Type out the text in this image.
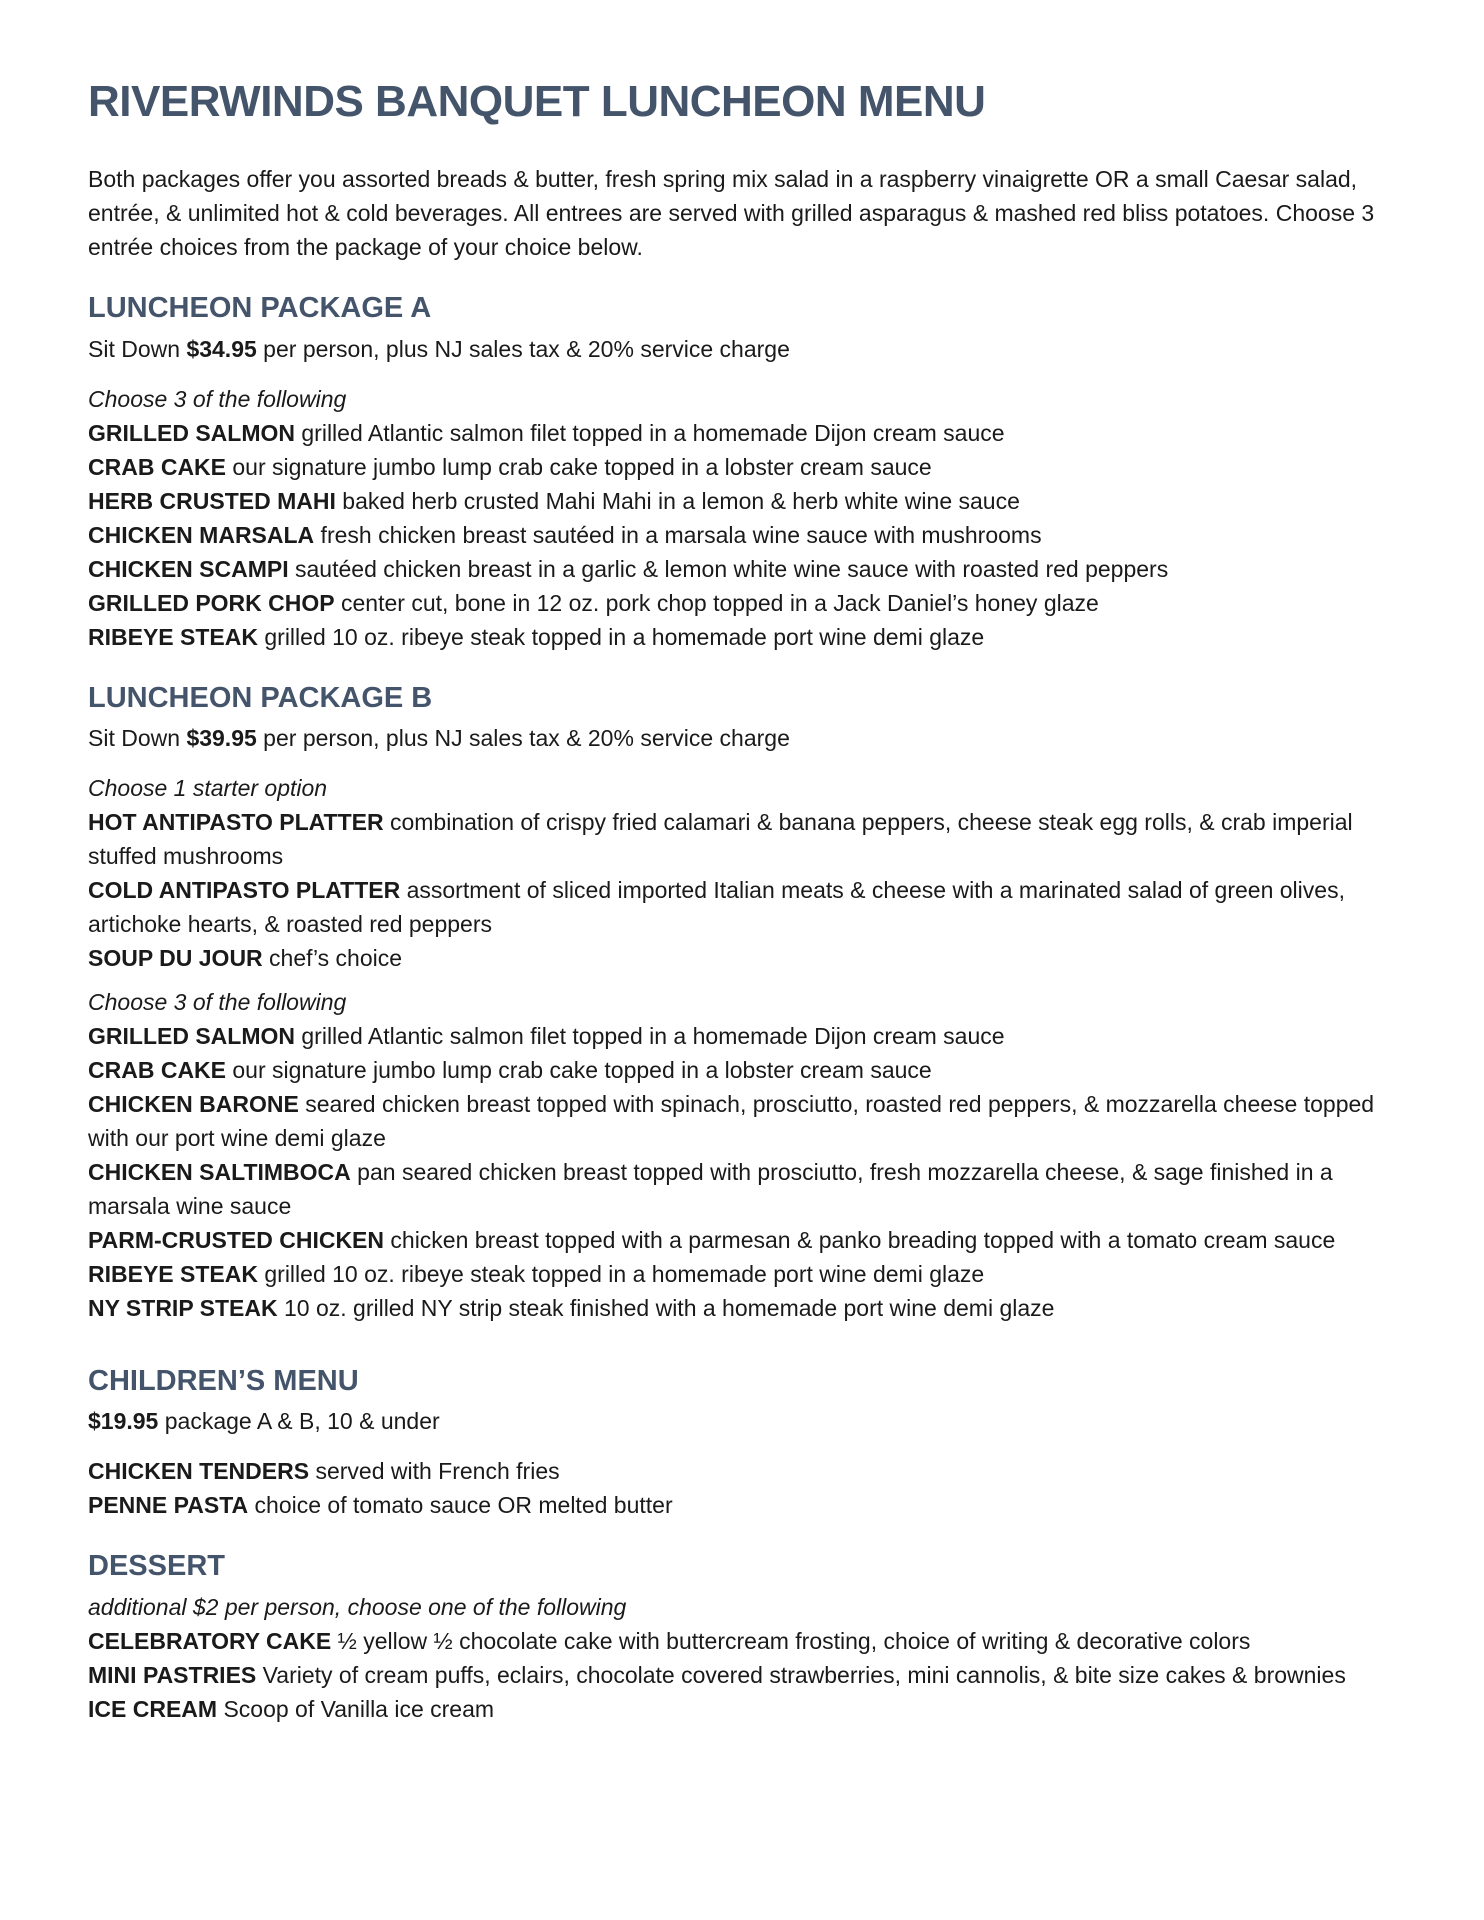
RIVERWINDS BANQUET LUNCHEON MENU

Both packages offer you assorted breads & butter, fresh spring mix salad in a raspberry vinaigrette OR a small Caesar salad, entrée, & unlimited hot & cold beverages. All entrees are served with grilled asparagus & mashed red bliss potatoes. Choose 3 entrée choices from the package of your choice below.

LUNCHEON PACKAGE A
Sit Down $34.95 per person, plus NJ sales tax & 20% service charge
Choose 3 of the following
GRILLED SALMON grilled Atlantic salmon filet topped in a homemade Dijon cream sauce
CRAB CAKE our signature jumbo lump crab cake topped in a lobster cream sauce
HERB CRUSTED MAHI baked herb crusted Mahi Mahi in a lemon & herb white wine sauce
CHICKEN MARSALA fresh chicken breast sautéed in a marsala wine sauce with mushrooms
CHICKEN SCAMPI sautéed chicken breast in a garlic & lemon white wine sauce with roasted red peppers
GRILLED PORK CHOP center cut, bone in 12 oz. pork chop topped in a Jack Daniel’s honey glaze
RIBEYE STEAK grilled 10 oz. ribeye steak topped in a homemade port wine demi glaze
LUNCHEON PACKAGE B
Sit Down $39.95 per person, plus NJ sales tax & 20% service charge
Choose 1 starter option
HOT ANTIPASTO PLATTER combination of crispy fried calamari & banana peppers, cheese steak egg rolls, & crab imperial stuffed mushrooms
COLD ANTIPASTO PLATTER assortment of sliced imported Italian meats & cheese with a marinated salad of green olives, artichoke hearts, & roasted red peppers
SOUP DU JOUR chef’s choice
Choose 3 of the following
GRILLED SALMON grilled Atlantic salmon filet topped in a homemade Dijon cream sauce
CRAB CAKE our signature jumbo lump crab cake topped in a lobster cream sauce
CHICKEN BARONE seared chicken breast topped with spinach, prosciutto, roasted red peppers, & mozzarella cheese topped with our port wine demi glaze
CHICKEN SALTIMBOCA pan seared chicken breast topped with prosciutto, fresh mozzarella cheese, & sage finished in a marsala wine sauce
PARM-CRUSTED CHICKEN chicken breast topped with a parmesan & panko breading topped with a tomato cream sauce
RIBEYE STEAK grilled 10 oz. ribeye steak topped in a homemade port wine demi glaze
NY STRIP STEAK 10 oz. grilled NY strip steak finished with a homemade port wine demi glaze
CHILDREN’S MENU
$19.95 package A & B, 10 & under
CHICKEN TENDERS served with French fries
PENNE PASTA choice of tomato sauce OR melted butter
DESSERT
additional $2 per person, choose one of the following
CELEBRATORY CAKE ½ yellow ½ chocolate cake with buttercream frosting, choice of writing & decorative colors
MINI PASTRIES Variety of cream puffs, eclairs, chocolate covered strawberries, mini cannolis, & bite size cakes & brownies
ICE CREAM Scoop of Vanilla ice cream
